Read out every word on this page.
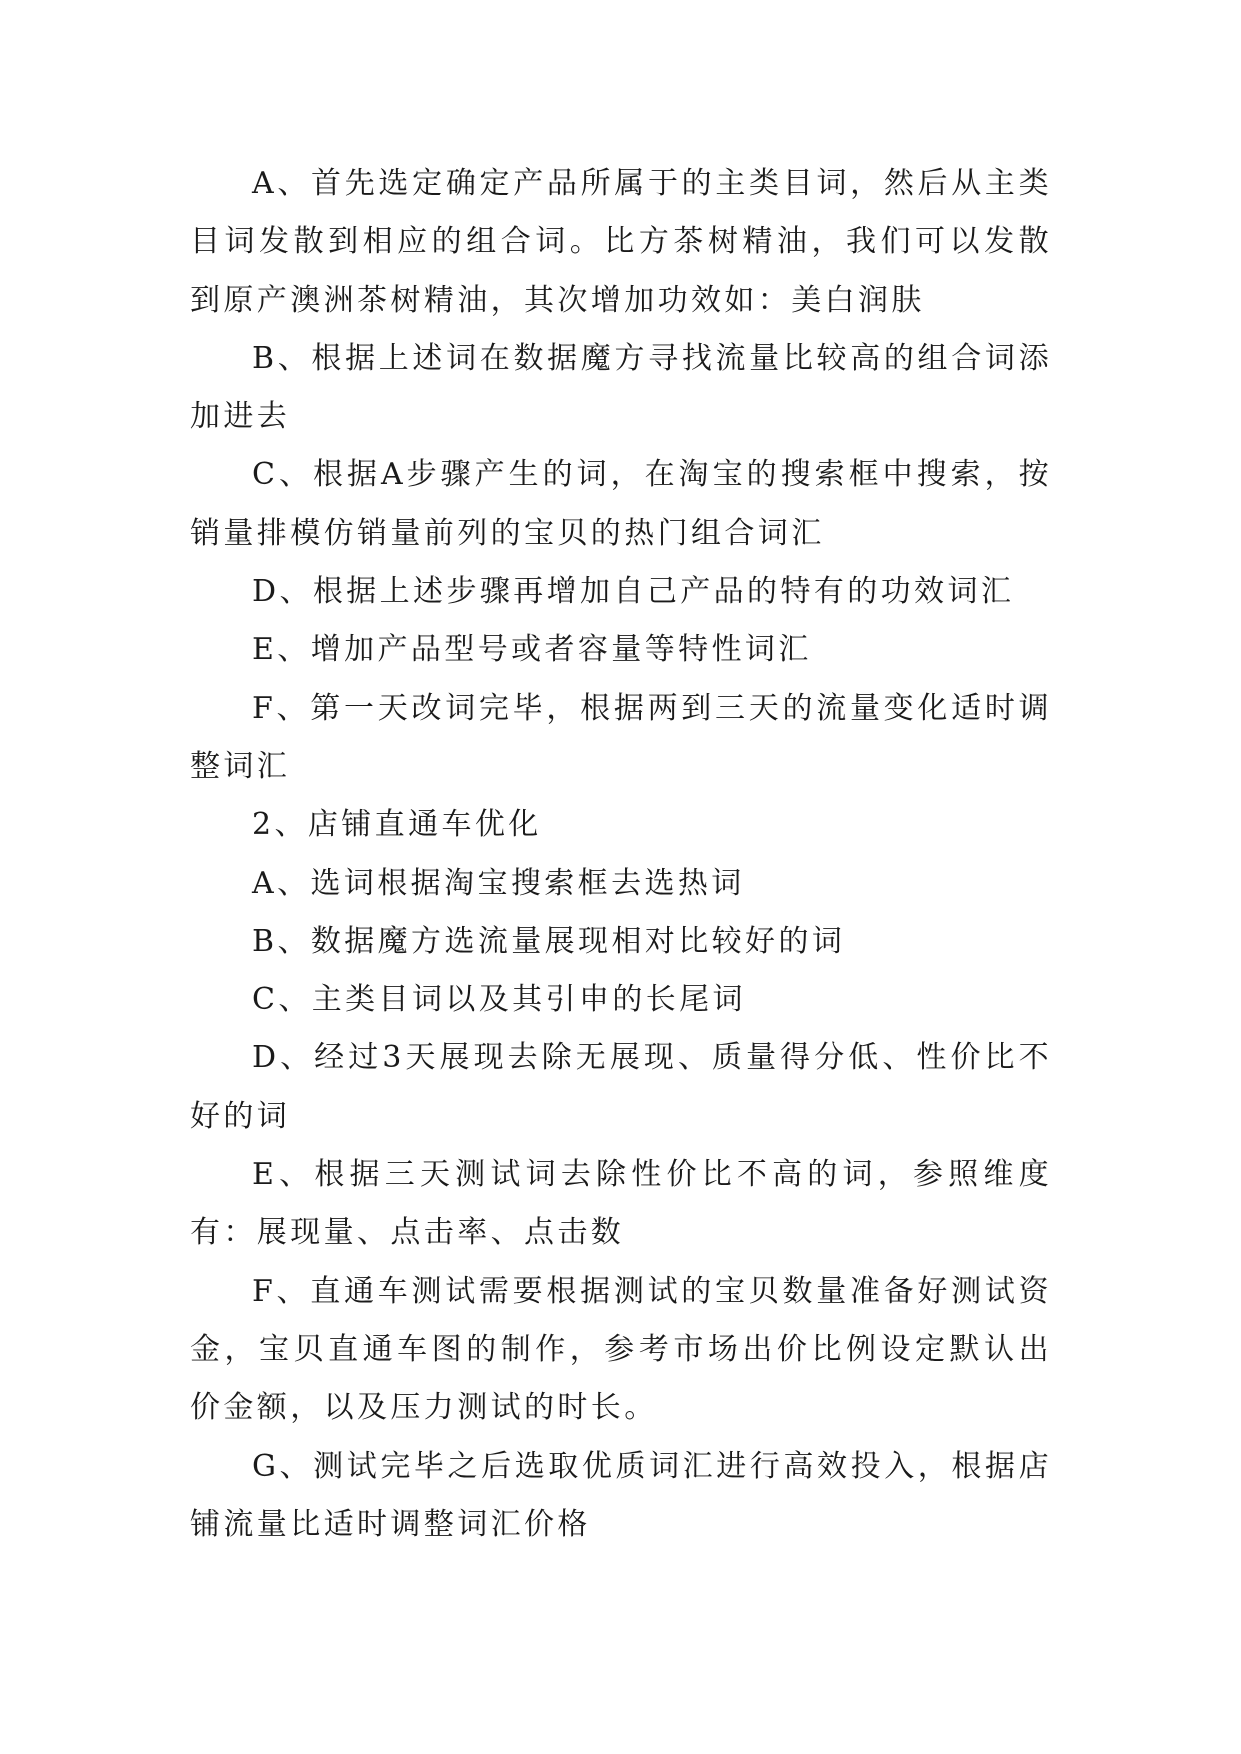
A、首先选定确定产品所属于的主类目词，然后从主类目词发散到相应的组合词。比方茶树精油，我们可以发散到原产澳洲茶树精油，其次增加功效如：美白润肤

B、根据上述词在数据魔方寻找流量比较高的组合词添加进去

C、根据A步骤产生的词，在淘宝的搜索框中搜索，按销量排模仿销量前列的宝贝的热门组合词汇

D、根据上述步骤再增加自己产品的特有的功效词汇

E、增加产品型号或者容量等特性词汇

F、第一天改词完毕，根据两到三天的流量变化适时调整词汇

2、店铺直通车优化

A、选词根据淘宝搜索框去选热词

B、数据魔方选流量展现相对比较好的词

C、主类目词以及其引申的长尾词

D、经过3天展现去除无展现、质量得分低、性价比不好的词

E、根据三天测试词去除性价比不高的词，参照维度有：展现量、点击率、点击数

F、直通车测试需要根据测试的宝贝数量准备好测试资金，宝贝直通车图的制作，参考市场出价比例设定默认出价金额，以及压力测试的时长。

G、测试完毕之后选取优质词汇进行高效投入，根据店铺流量比适时调整词汇价格
